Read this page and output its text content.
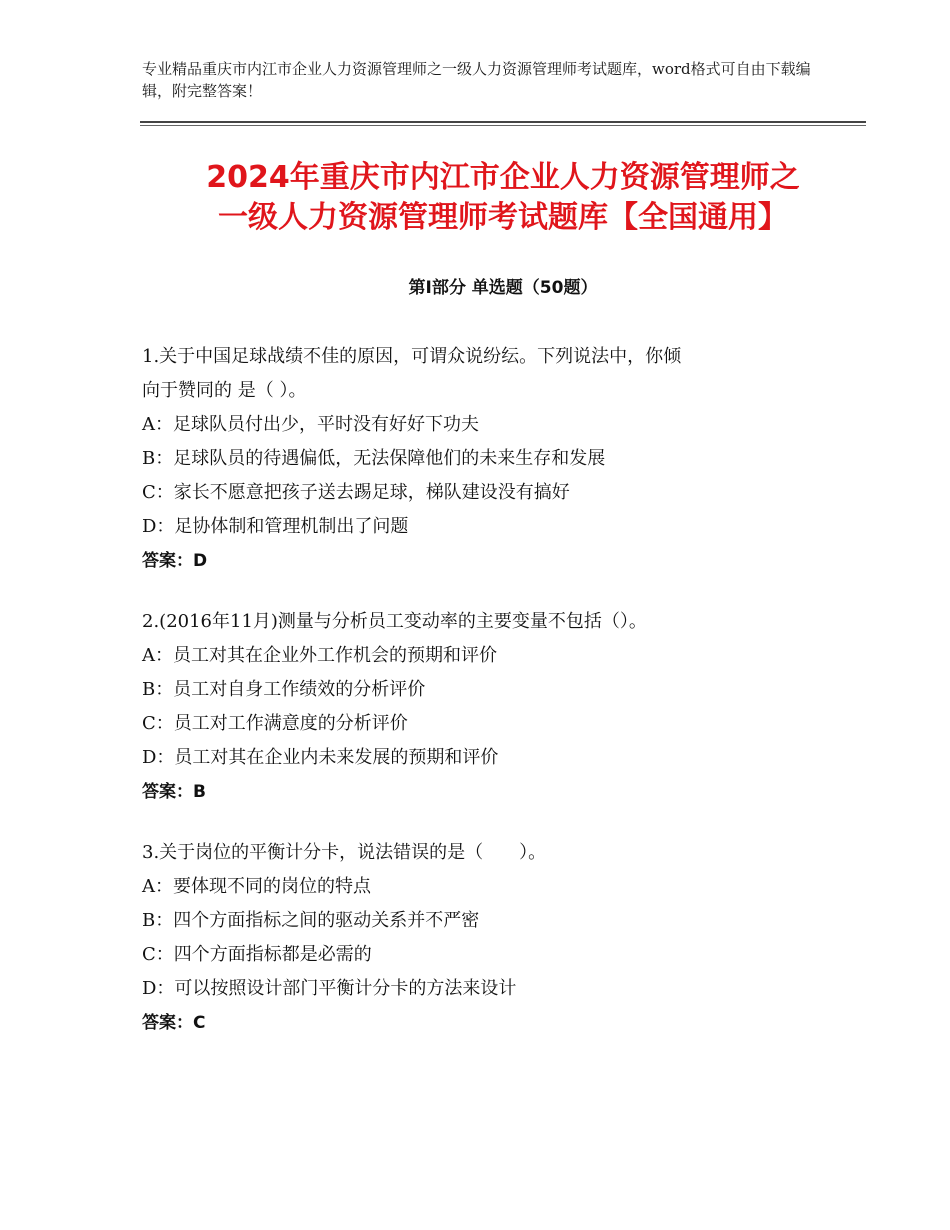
专业精品重庆市内江市企业人力资源管理师之一级人力资源管理师考试题库，word格式可自由下载编辑，附完整答案！
2024年重庆市内江市企业人力资源管理师之
一级人力资源管理师考试题库【全国通用】
第Ⅰ部分 单选题（50题）
1.关于中国足球战绩不佳的原因，可谓众说纷纭。下列说法中，你倾
向于赞同的 是（ ）。
A：足球队员付出少，平时没有好好下功夫
B：足球队员的待遇偏低，无法保障他们的未来生存和发展
C：家长不愿意把孩子送去踢足球，梯队建设没有搞好
D：足协体制和管理机制出了问题
答案：D
2.(2016年11月)测量与分析员工变动率的主要变量不包括（）。
A：员工对其在企业外工作机会的预期和评价
B：员工对自身工作绩效的分析评价
C：员工对工作满意度的分析评价
D：员工对其在企业内未来发展的预期和评价
答案：B
3.关于岗位的平衡计分卡，说法错误的是（　　）。
A：要体现不同的岗位的特点
B：四个方面指标之间的驱动关系并不严密
C：四个方面指标都是必需的
D：可以按照设计部门平衡计分卡的方法来设计
答案：C
